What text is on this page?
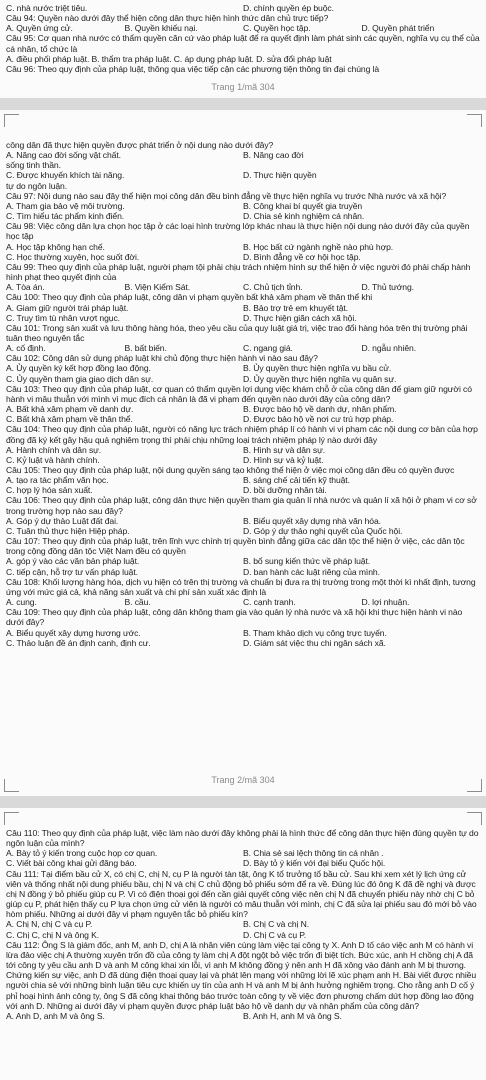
C. nhà nước triệt tiêu.	D. chính quyền ép buộc.

Câu 94: Quyền nào dưới đây thể hiện công dân thực hiện hình thức dân chủ trực tiếp?

A. Quyền ứng cử.	B. Quyền khiếu nại.	C. Quyền học tập.	D. Quyền phát triển

Câu 95: Cơ quan nhà nước có thẩm quyền căn cứ vào pháp luật để ra quyết định làm phát sinh các quyền, nghĩa vụ cụ thể của cá nhân, tổ chức là

A. điều phối pháp luật. B. thẩm tra pháp luật. C. áp dụng pháp luật. D. sửa đổi pháp luật

Câu 96: Theo quy định của pháp luật, thông qua việc tiếp cận các phương tiện thông tin đại chúng là

Trang 1/mã 304

công dân đã thực hiện quyền được phát triển ở nội dung nào dưới đây?

A. Năng cao đời sống vật chất.	B. Năng cao đời

sống tinh thần.

C. Được khuyến khích tài năng.	D. Thực hiện quyền

tự do ngôn luận.

Câu 97: Nội dung nào sau đây thể hiện mọi công dân đều bình đẳng về thực hiện nghĩa vụ trước Nhà nước và xã hội?

A. Tham gia bảo vệ môi trường.	B. Công khai bí quyết gia truyền
C. Tìm hiểu tác phẩm kinh điển.	D. Chia sẻ kinh nghiệm cá nhân.

Câu 98: Việc công dân lựa chọn học tập ở các loại hình trường lớp khác nhau là thực hiện nội dung nào dưới đây của quyền học tập

A. Học tập không hạn chế.	B. Học bất cứ ngành nghề nào phù hợp.
C. Học thường xuyên, học suốt đời.	D. Bình đẳng về cơ hội học tập.

Câu 99: Theo quy định của pháp luật, người phạm tội phải chịu trách nhiệm hình sự thể hiện ở việc người đó phải chấp hành hình phạt theo quyết định của

A. Tòa án.	B. Viện Kiểm Sát.	C. Chủ tịch tỉnh.	D. Thủ tướng.

Câu 100: Theo quy định của pháp luật, công dân vi phạm quyền bất khả xâm phạm về thân thể khi

A. Giam giữ người trái pháp luật.	B. Bảo trợ trẻ em khuyết tật.
C. Truy tìm tù nhân vượt ngục.	D. Thực hiện giãn cách xã hội.

Câu 101: Trong sản xuất và lưu thông hàng hóa, theo yêu cầu của quy luật giá trị, việc trao đổi hàng hóa trên thị trường phải tuân theo nguyên tắc

A. cố định.	B. bất biến.	C. ngang giá.	D. ngẫu nhiên.

Câu 102: Công dân sử dụng pháp luật khi chủ động thực hiện hành vi nào sau đây?

A. Ủy quyền ký kết hợp đồng lao động.	B. Ủy quyền thực hiện nghĩa vụ bầu cử.
C. Ủy quyền tham gia giao dịch dân sự.	D. Ủy quyền thực hiện nghĩa vụ quân sự.

Câu 103: Theo quy định của pháp luật, cơ quan có thẩm quyền lợi dụng việc khám chỗ ở của công dân để giam giữ người có hành vi mâu thuẫn với mình vì mục đích cá nhân là đã vi phạm đến quyền nào dưới đây của công dân?

A. Bất khả xâm phạm về danh dự.	B. Được bảo hộ về danh dự, nhân phẩm.
C. Bất khả xâm phạm về thân thể.	D. Được bảo hộ về nơi cư trú hợp pháp.

Câu 104: Theo quy định của pháp luật, người có năng lực trách nhiệm pháp lí có hành vi vi phạm các nội dung cơ bản của hợp đồng đã ký kết gây hậu quả nghiêm trọng thì phải chịu những loại trách nhiệm pháp lý nào dưới đây

A. Hành chính và dân sự.	B. Hình sự và dân sự.
C. Kỷ luật và hành chính.	D. Hình sự và kỷ luật.

Câu 105: Theo quy định của pháp luật, nội dung quyền sáng tạo không thể hiện ở việc mọi công dân đều có quyền được

A. tạo ra tác phẩm văn học.	B. sáng chế cải tiến kỹ thuật.
C. hợp lý hóa sản xuất.	D. bồi dưỡng nhân tài.

Câu 106: Theo quy định của pháp luật, công dân thực hiện quyền tham gia quản lí nhà nước và quản lí xã hội ở phạm vi cơ sở trong trường hợp nào sau đây?

A. Góp ý dự thảo Luật đất đai.	B. Biểu quyết xây dựng nhà văn hóa.
C. Tuân thủ thực hiện Hiệp pháp.	D. Góp ý dự thảo nghị quyết của Quốc hội.

Câu 107: Theo quy định của pháp luật, trên lĩnh vực chính trị quyền bình đẳng giữa các dân tộc thể hiện ở việc, các dân tộc trong cộng đồng dân tộc Việt Nam đều có quyền

A. góp ý vào các văn bản pháp luật.	B. bổ sung kiến thức về pháp luật.
C. tiếp cận, hỗ trợ tư vấn pháp luật.	D. ban hành các luật riêng của mình.

Câu 108: Khối lượng hàng hóa, dịch vụ hiện có trên thị trường và chuẩn bị đưa ra thị trường trong một thời kì nhất định, tương ứng với mức giá cả, khả năng sản xuất và chi phí sản xuất xác định là

A. cung.	B. cầu.	C. cạnh tranh.	D. lợi nhuận.

Câu 109: Theo quy định của pháp luật, công dân không tham gia vào quản lý nhà nước và xã hội khi thực hiện hành vi nào dưới đây?

A. Biểu quyết xây dựng hương ước.	B. Tham khảo dịch vụ công trực tuyến.
C. Thảo luận đề án định canh, định cư.	D. Giám sát việc thu chi ngân sách xã.
Trang 2/mã 304

Câu 110: Theo quy định của pháp luật, việc làm nào dưới đây không phải là hình thức để công dân thực hiện đúng quyền tự do ngôn luận của mình?

A. Bày tỏ ý kiến trong cuộc họp cơ quan.	B. Chia sẻ sai lệch thông tin cá nhân .
C. Viết bài công khai gửi đăng báo.	D. Bày tỏ ý kiến với đại biểu Quốc hội.

Câu 111: Tại điểm bầu cử X, có chị C, chị N, cụ P là người tàn tật, ông K tổ trưởng tổ bầu cử. Sau khi xem xét lý lịch ứng cử viên và thống nhất nội dung phiếu bầu, chị N và chị C chủ động bỏ phiếu sớm để ra về. Đúng lúc đó ông K đã đề nghị và được chị N đồng ý bỏ phiếu giúp cụ P. Vì có điện thoại gọi đến cần giải quyết công việc nên chị N đã chuyển phiếu này nhờ chị C bỏ giúp cụ P, phát hiện thấy cụ P lựa chọn ứng cử viên là người có mâu thuẫn với mình, chị C đã sửa lại phiếu sau đó mới bỏ vào hòm phiếu. Những ai dưới đây vi phạm nguyên tắc bỏ phiếu kín?

A. Chị N, chị C và cụ P.	B. Chị C và chị N.
C. Chị C, chị N và ông K.	D. Chị C và cụ P.

Câu 112: Ông S là giám đốc, anh M, anh D, chị A là nhân viên cùng làm việc tại công ty X. Anh D tố cáo việc anh M có hành vi lừa đảo việc chị A thường xuyên trốn đồ của công ty làm chị A đột ngột bỏ việc trốn đi biệt tích. Bức xúc, anh H chồng chị A đã tới công ty yêu cầu anh D và anh M công khai xin lỗi, vì anh M không đồng ý nên anh H đã xông vào đánh anh M bị thương. Chứng kiến sự việc, anh D đã dùng điện thoại quay lại và phát lên mạng với những lời lẽ xúc phạm anh H. Bài viết được nhiều người chia sẻ với những bình luận tiêu cực khiến uy tín của anh H và anh M bị ảnh hưởng nghiêm trọng. Cho rằng anh D cố ý phỉ hoại hình ảnh công ty, ông S đã công khai thông báo trước toàn công ty về việc đơn phương chấm dứt hợp đồng lao động với anh D. Những ai dưới đây vi phạm quyền được pháp luật bảo hộ về danh dự và nhân phẩm của công dân?

A. Anh D, anh M và ông S.	B. Anh H, anh M và ông S.
